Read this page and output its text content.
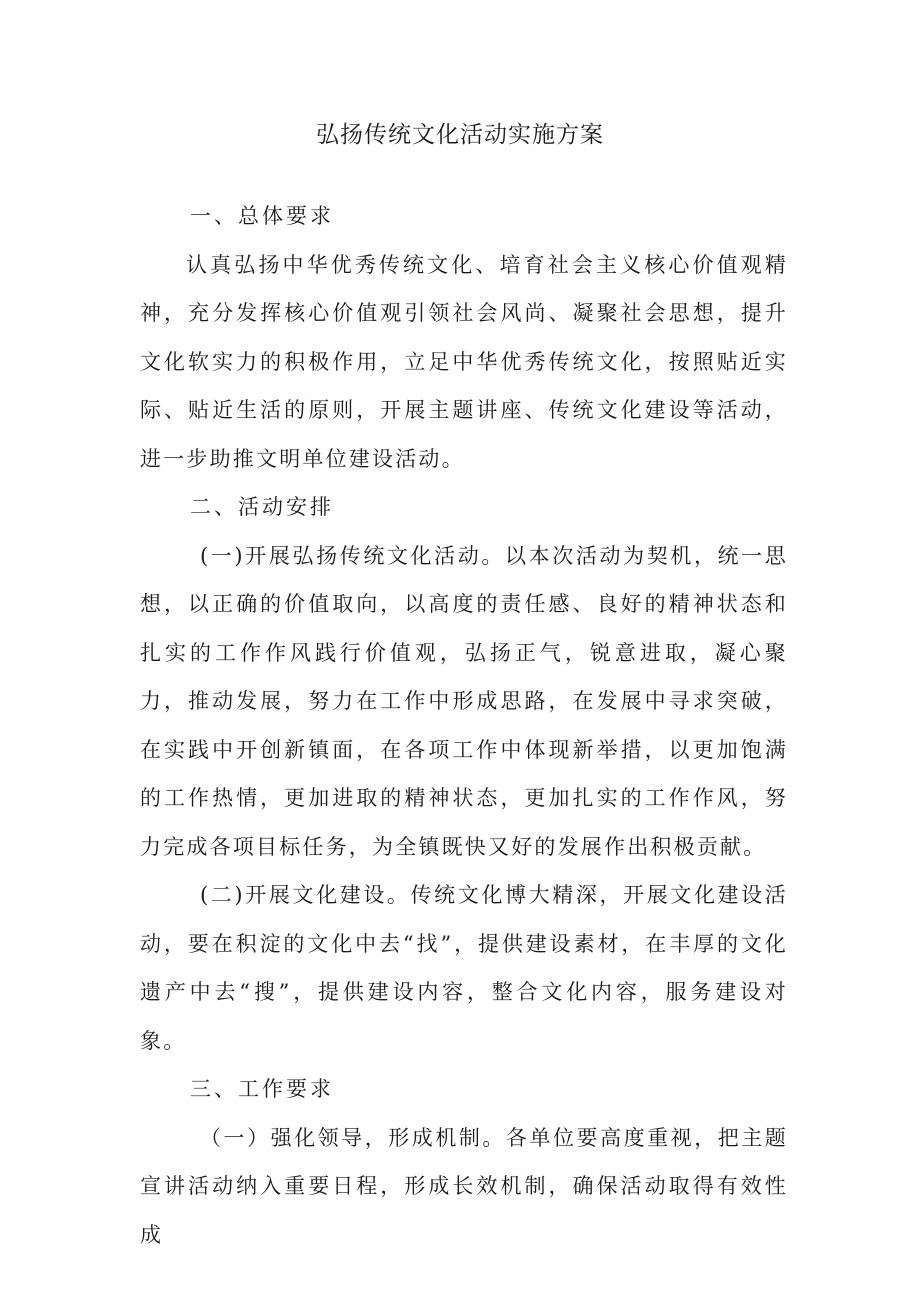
弘扬传统文化活动实施方案
一、总体要求

认真弘扬中华优秀传统文化、培育社会主义核心价值观精神，充分发挥核心价值观引领社会风尚、凝聚社会思想，提升文化软实力的积极作用，立足中华优秀传统文化，按照贴近实际、贴近生活的原则，开展主题讲座、传统文化建设等活动，进一步助推文明单位建设活动。

二、活动安排

(一)开展弘扬传统文化活动。以本次活动为契机，统一思想，以正确的价值取向，以高度的责任感、良好的精神状态和扎实的工作作风践行价值观，弘扬正气，锐意进取，凝心聚力，推动发展，努力在工作中形成思路，在发展中寻求突破，在实践中开创新镇面，在各项工作中体现新举措，以更加饱满的工作热情，更加进取的精神状态，更加扎实的工作作风，努力完成各项目标任务，为全镇既快又好的发展作出积极贡献。

(二)开展文化建设。传统文化博大精深，开展文化建设活动，要在积淀的文化中去“找”，提供建设素材，在丰厚的文化遗产中去“搜”，提供建设内容，整合文化内容，服务建设对象。

三、工作要求

（一）强化领导，形成机制。各单位要高度重视，把主题宣讲活动纳入重要日程，形成长效机制，确保活动取得有效性成
